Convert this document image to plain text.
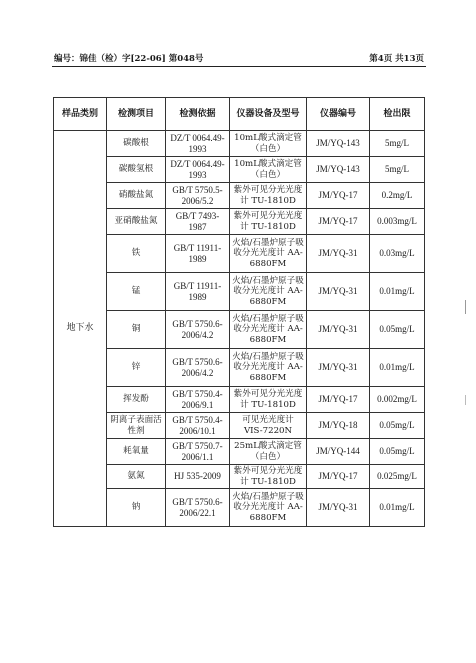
编号：锦佳（检）字[22-06] 第048号	第4页 共13页
样品类别	检测项目	检测依据	仪器设备及型号	仪器编号	检出限
地下水	碳酸根	DZ/T 0064.49-1993	10mL酸式滴定管（白色）	JM/YQ-143	5mg/L
	碳酸氢根	DZ/T 0064.49-1993	10mL酸式滴定管（白色）	JM/YQ-143	5mg/L
	硝酸盐氮	GB/T 5750.5-2006/5.2	紫外可见分光光度计 TU-1810D	JM/YQ-17	0.2mg/L
	亚硝酸盐氮	GB/T 7493-1987	紫外可见分光光度计 TU-1810D	JM/YQ-17	0.003mg/L
	铁	GB/T 11911-1989	火焰/石墨炉原子吸收分光光度计 AA-6880FM	JM/YQ-31	0.03mg/L
	锰	GB/T 11911-1989	火焰/石墨炉原子吸收分光光度计 AA-6880FM	JM/YQ-31	0.01mg/L
	铜	GB/T 5750.6-2006/4.2	火焰/石墨炉原子吸收分光光度计 AA-6880FM	JM/YQ-31	0.05mg/L
	锌	GB/T 5750.6-2006/4.2	火焰/石墨炉原子吸收分光光度计 AA-6880FM	JM/YQ-31	0.01mg/L
	挥发酚	GB/T 5750.4-2006/9.1	紫外可见分光光度计 TU-1810D	JM/YQ-17	0.002mg/L
	阴离子表面活性剂	GB/T 5750.4-2006/10.1	可见光光度计 VIS-7220N	JM/YQ-18	0.05mg/L
	耗氧量	GB/T 5750.7-2006/1.1	25mL酸式滴定管（白色）	JM/YQ-144	0.05mg/L
	氨氮	HJ 535-2009	紫外可见分光光度计 TU-1810D	JM/YQ-17	0.025mg/L
	钠	GB/T 5750.6-2006/22.1	火焰/石墨炉原子吸收分光光度计 AA-6880FM	JM/YQ-31	0.01mg/L
